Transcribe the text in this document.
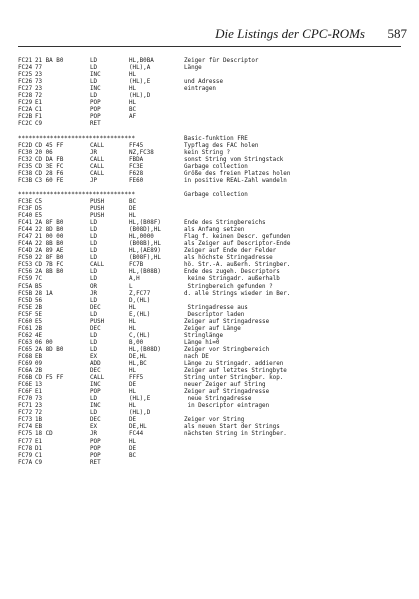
Die Listings der CPC-ROMs 587
FC21 21 BA B0	LD	HL,B0BA	Zeiger für Descriptor
FC24 77	LD	(HL),A	Länge
FC25 23	INC	HL
FC26 73	LD	(HL),E	und Adresse
FC27 23	INC	HL	eintragen
FC28 72	LD	(HL),D
FC29 E1	POP	HL
FC2A C1	POP	BC
FC2B F1	POP	AF
FC2C C9	RET
*********************************	Basic-funktion FRE
FC2D CD 45 FF	CALL	FF45	Typflag des FAC holen
FC30 20 06	JR	NZ,FC38	kein String ?
FC32 CD DA FB	CALL	FBDA	sonst String vom Stringstack
FC35 CD 3E FC	CALL	FC3E	Garbage collection
FC38 CD 28 F6	CALL	F628	Größe des freien Platzes holen
FC3B C3 60 FE	JP	FE60	in positive REAL-Zahl wandeln
*********************************	Garbage collection
FC3E C5	PUSH	BC
FC3F D5	PUSH	DE
FC40 E5	PUSH	HL
FC41 2A 8F B0	LD	HL,(B08F)	Ende des Stringbereichs
FC44 22 8D B0	LD	(B08D),HL	als Anfang setzen
FC47 21 00 00	LD	HL,0000	Flag f. keinen Descr. gefunden
FC4A 22 8B B0	LD	(B08B),HL	als Zeiger auf Descriptor-Ende
FC4D 2A 89 AE	LD	HL,(AE89)	Zeiger auf Ende der Felder
FC50 22 8F B0	LD	(B08F),HL	als höchste Stringadresse
FC53 CD 7B FC	CALL	FC7B	hö. Str.-A. außerh. Stringber.
FC56 2A 8B B0	LD	HL,(B08B)	Ende des zugeh. Descriptors
FC59 7C	LD	A,H	keine Stringadr. außerhalb
FC5A B5	OR	L	Stringbereich gefunden ?
FC5B 28 1A	JR	Z,FC77	d. alle Strings wieder im Ber.
FC5D 56	LD	D,(HL)
FC5E 2B	DEC	HL	Stringadresse aus
FC5F 5E	LD	E,(HL)	Descriptor laden
FC60 E5	PUSH	HL	Zeiger auf Stringadresse
FC61 2B	DEC	HL	Zeiger auf Länge
FC62 4E	LD	C,(HL)	Stringlänge
FC63 06 00	LD	B,00	Länge hi=0
FC65 2A 8D B0	LD	HL,(B08D)	Zeiger vor Stringbereich
FC68 EB	EX	DE,HL	nach DE
FC69 09	ADD	HL,BC	Länge zu Stringadr. addieren
FC6A 2B	DEC	HL	Zeiger auf letztes Stringbyte
FC6B CD F5 FF	CALL	FFF5	String unter Stringber. kop.
FC6E 13	INC	DE	neuer Zeiger auf String
FC6F E1	POP	HL	Zeiger auf Stringadresse
FC70 73	LD	(HL),E	neue Stringadresse
FC71 23	INC	HL	in Descriptor eintragen
FC72 72	LD	(HL),D
FC73 1B	DEC	DE	Zeiger vor String
FC74 EB	EX	DE,HL	als neuen Start der Strings
FC75 18 CD	JR	FC44	nächsten String in Stringber.
FC77 E1	POP	HL
FC78 D1	POP	DE
FC79 C1	POP	BC
FC7A C9	RET
